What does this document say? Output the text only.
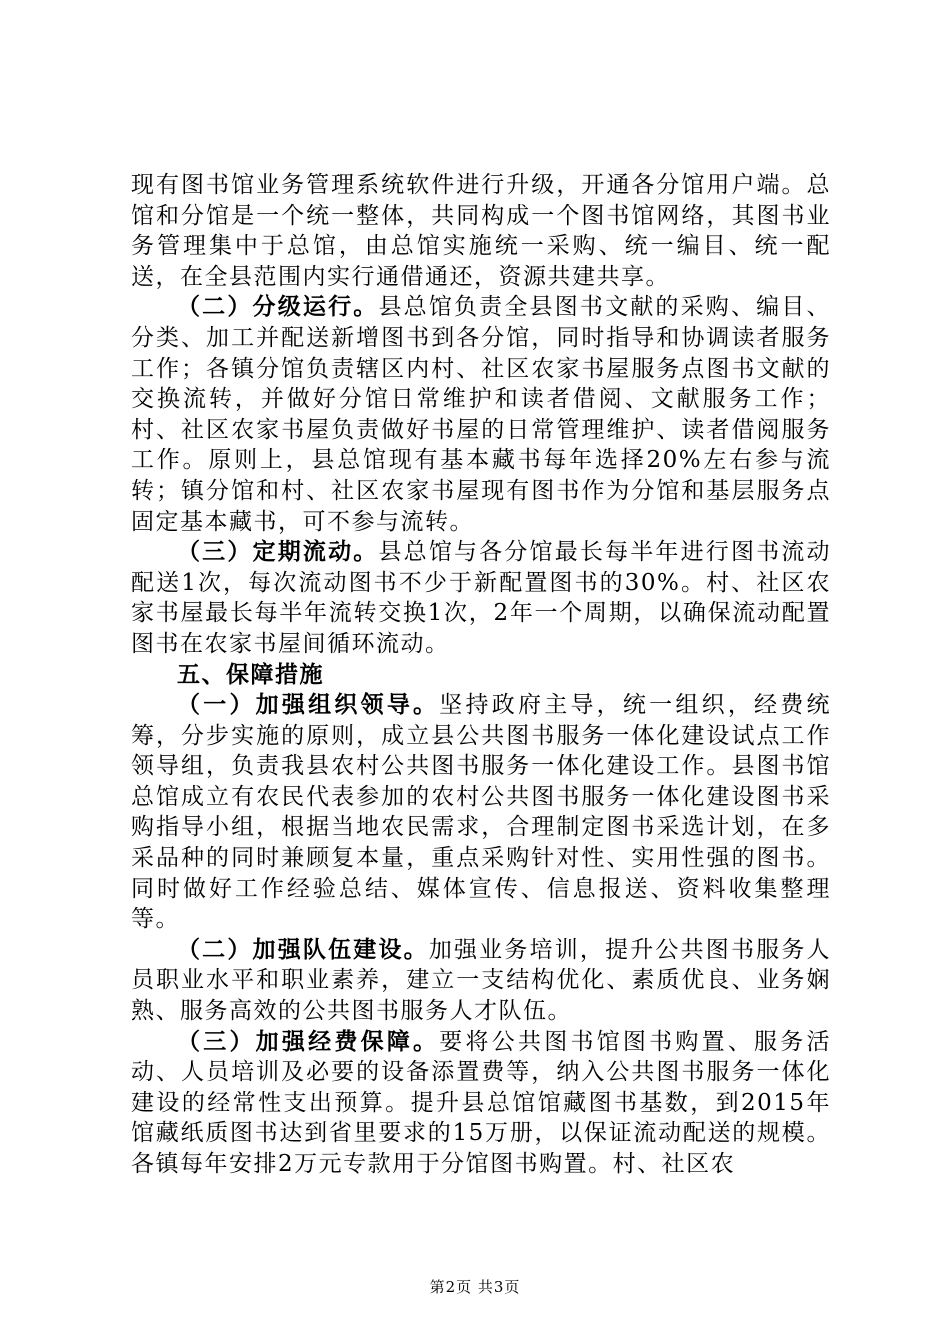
现有图书馆业务管理系统软件进行升级，开通各分馆用户端。总馆和分馆是一个统一整体，共同构成一个图书馆网络，其图书业务管理集中于总馆，由总馆实施统一采购、统一编目、统一配送，在全县范围内实行通借通还，资源共建共享。

（二）分级运行。县总馆负责全县图书文献的采购、编目、分类、加工并配送新增图书到各分馆，同时指导和协调读者服务工作；各镇分馆负责辖区内村、社区农家书屋服务点图书文献的交换流转，并做好分馆日常维护和读者借阅、文献服务工作；村、社区农家书屋负责做好书屋的日常管理维护、读者借阅服务工作。原则上，县总馆现有基本藏书每年选择20%左右参与流转；镇分馆和村、社区农家书屋现有图书作为分馆和基层服务点固定基本藏书，可不参与流转。

（三）定期流动。县总馆与各分馆最长每半年进行图书流动配送1次，每次流动图书不少于新配置图书的30%。村、社区农家书屋最长每半年流转交换1次，2年一个周期，以确保流动配置图书在农家书屋间循环流动。

五、保障措施

（一）加强组织领导。坚持政府主导，统一组织，经费统筹，分步实施的原则，成立县公共图书服务一体化建设试点工作领导组，负责我县农村公共图书服务一体化建设工作。县图书馆总馆成立有农民代表参加的农村公共图书服务一体化建设图书采购指导小组，根据当地农民需求，合理制定图书采选计划，在多采品种的同时兼顾复本量，重点采购针对性、实用性强的图书。同时做好工作经验总结、媒体宣传、信息报送、资料收集整理等。

（二）加强队伍建设。加强业务培训，提升公共图书服务人员职业水平和职业素养，建立一支结构优化、素质优良、业务娴熟、服务高效的公共图书服务人才队伍。

（三）加强经费保障。要将公共图书馆图书购置、服务活动、人员培训及必要的设备添置费等，纳入公共图书服务一体化建设的经常性支出预算。提升县总馆馆藏图书基数，到2015年馆藏纸质图书达到省里要求的15万册，以保证流动配送的规模。各镇每年安排2万元专款用于分馆图书购置。村、社区农

第2页 共3页
